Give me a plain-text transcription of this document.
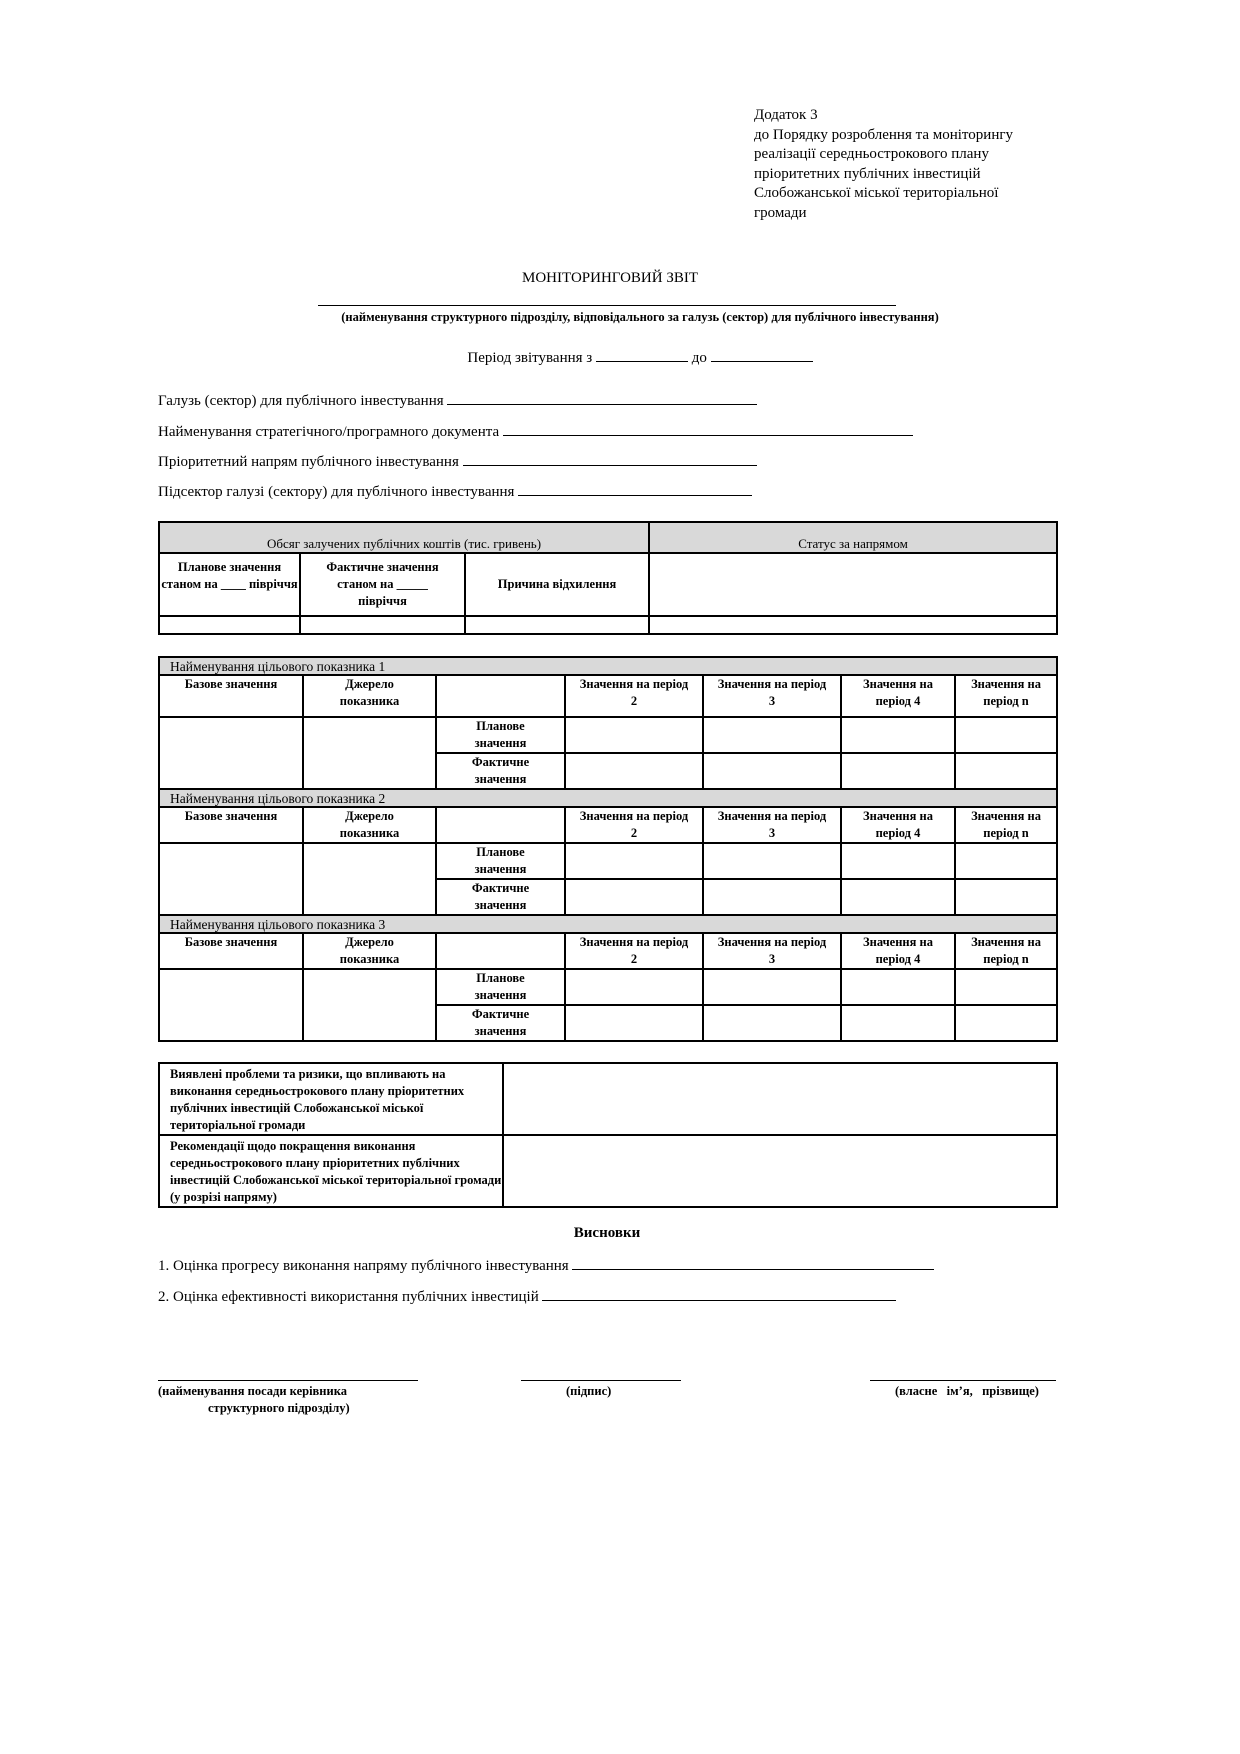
Додаток 3
до Порядку розроблення та моніторингу
реалізації середньострокового плану
пріоритетних публічних інвестицій
Слобожанської міської територіальної
громади
МОНІТОРИНГОВИЙ ЗВІТ
(найменування структурного підрозділу, відповідального за галузь (сектор) для публічного інвестування)
Період звітування з	до
Галузь (сектор) для публічного інвестування
Найменування стратегічного/програмного документа
Пріоритетний напрям публічного інвестування
Підсектор галузі (сектору) для публічного інвестування
Обсяг залучених публічних коштів (тис. гривень)			Статус за напрямом
Планове значення станом на ____ півріччя	Фактичне значення станом на _____ півріччя	Причина відхилення	

Найменування цільового показника 1						
Базове значення	Джерело показника		Значення на період 2	Значення на період 3	Значення на період 4	Значення на період n
		Планове значення				
		Фактичне значення				
Найменування цільового показника 2						
Базове значення	Джерело показника		Значення на період 2	Значення на період 3	Значення на період 4	Значення на період n
		Планове значення				
		Фактичне значення				
Найменування цільового показника 3						
Базове значення	Джерело показника		Значення на період 2	Значення на період 3	Значення на період 4	Значення на період n
		Планове значення				
		Фактичне значення				
Виявлені проблеми та ризики, що впливають на виконання середньострокового плану пріоритетних публічних інвестицій Слобожанської міської територіальної громади	
Рекомендації щодо покращення виконання середньострокового плану пріоритетних публічних інвестицій Слобожанської міської територіальної громади (у розрізі напряму)	
Висновки
1. Оцінка прогресу виконання напряму публічного інвестування
2. Оцінка ефективності використання публічних інвестицій
(найменування посади керівника
структурного підрозділу)
(підпис)	(власне   ім’я,   прізвище)
